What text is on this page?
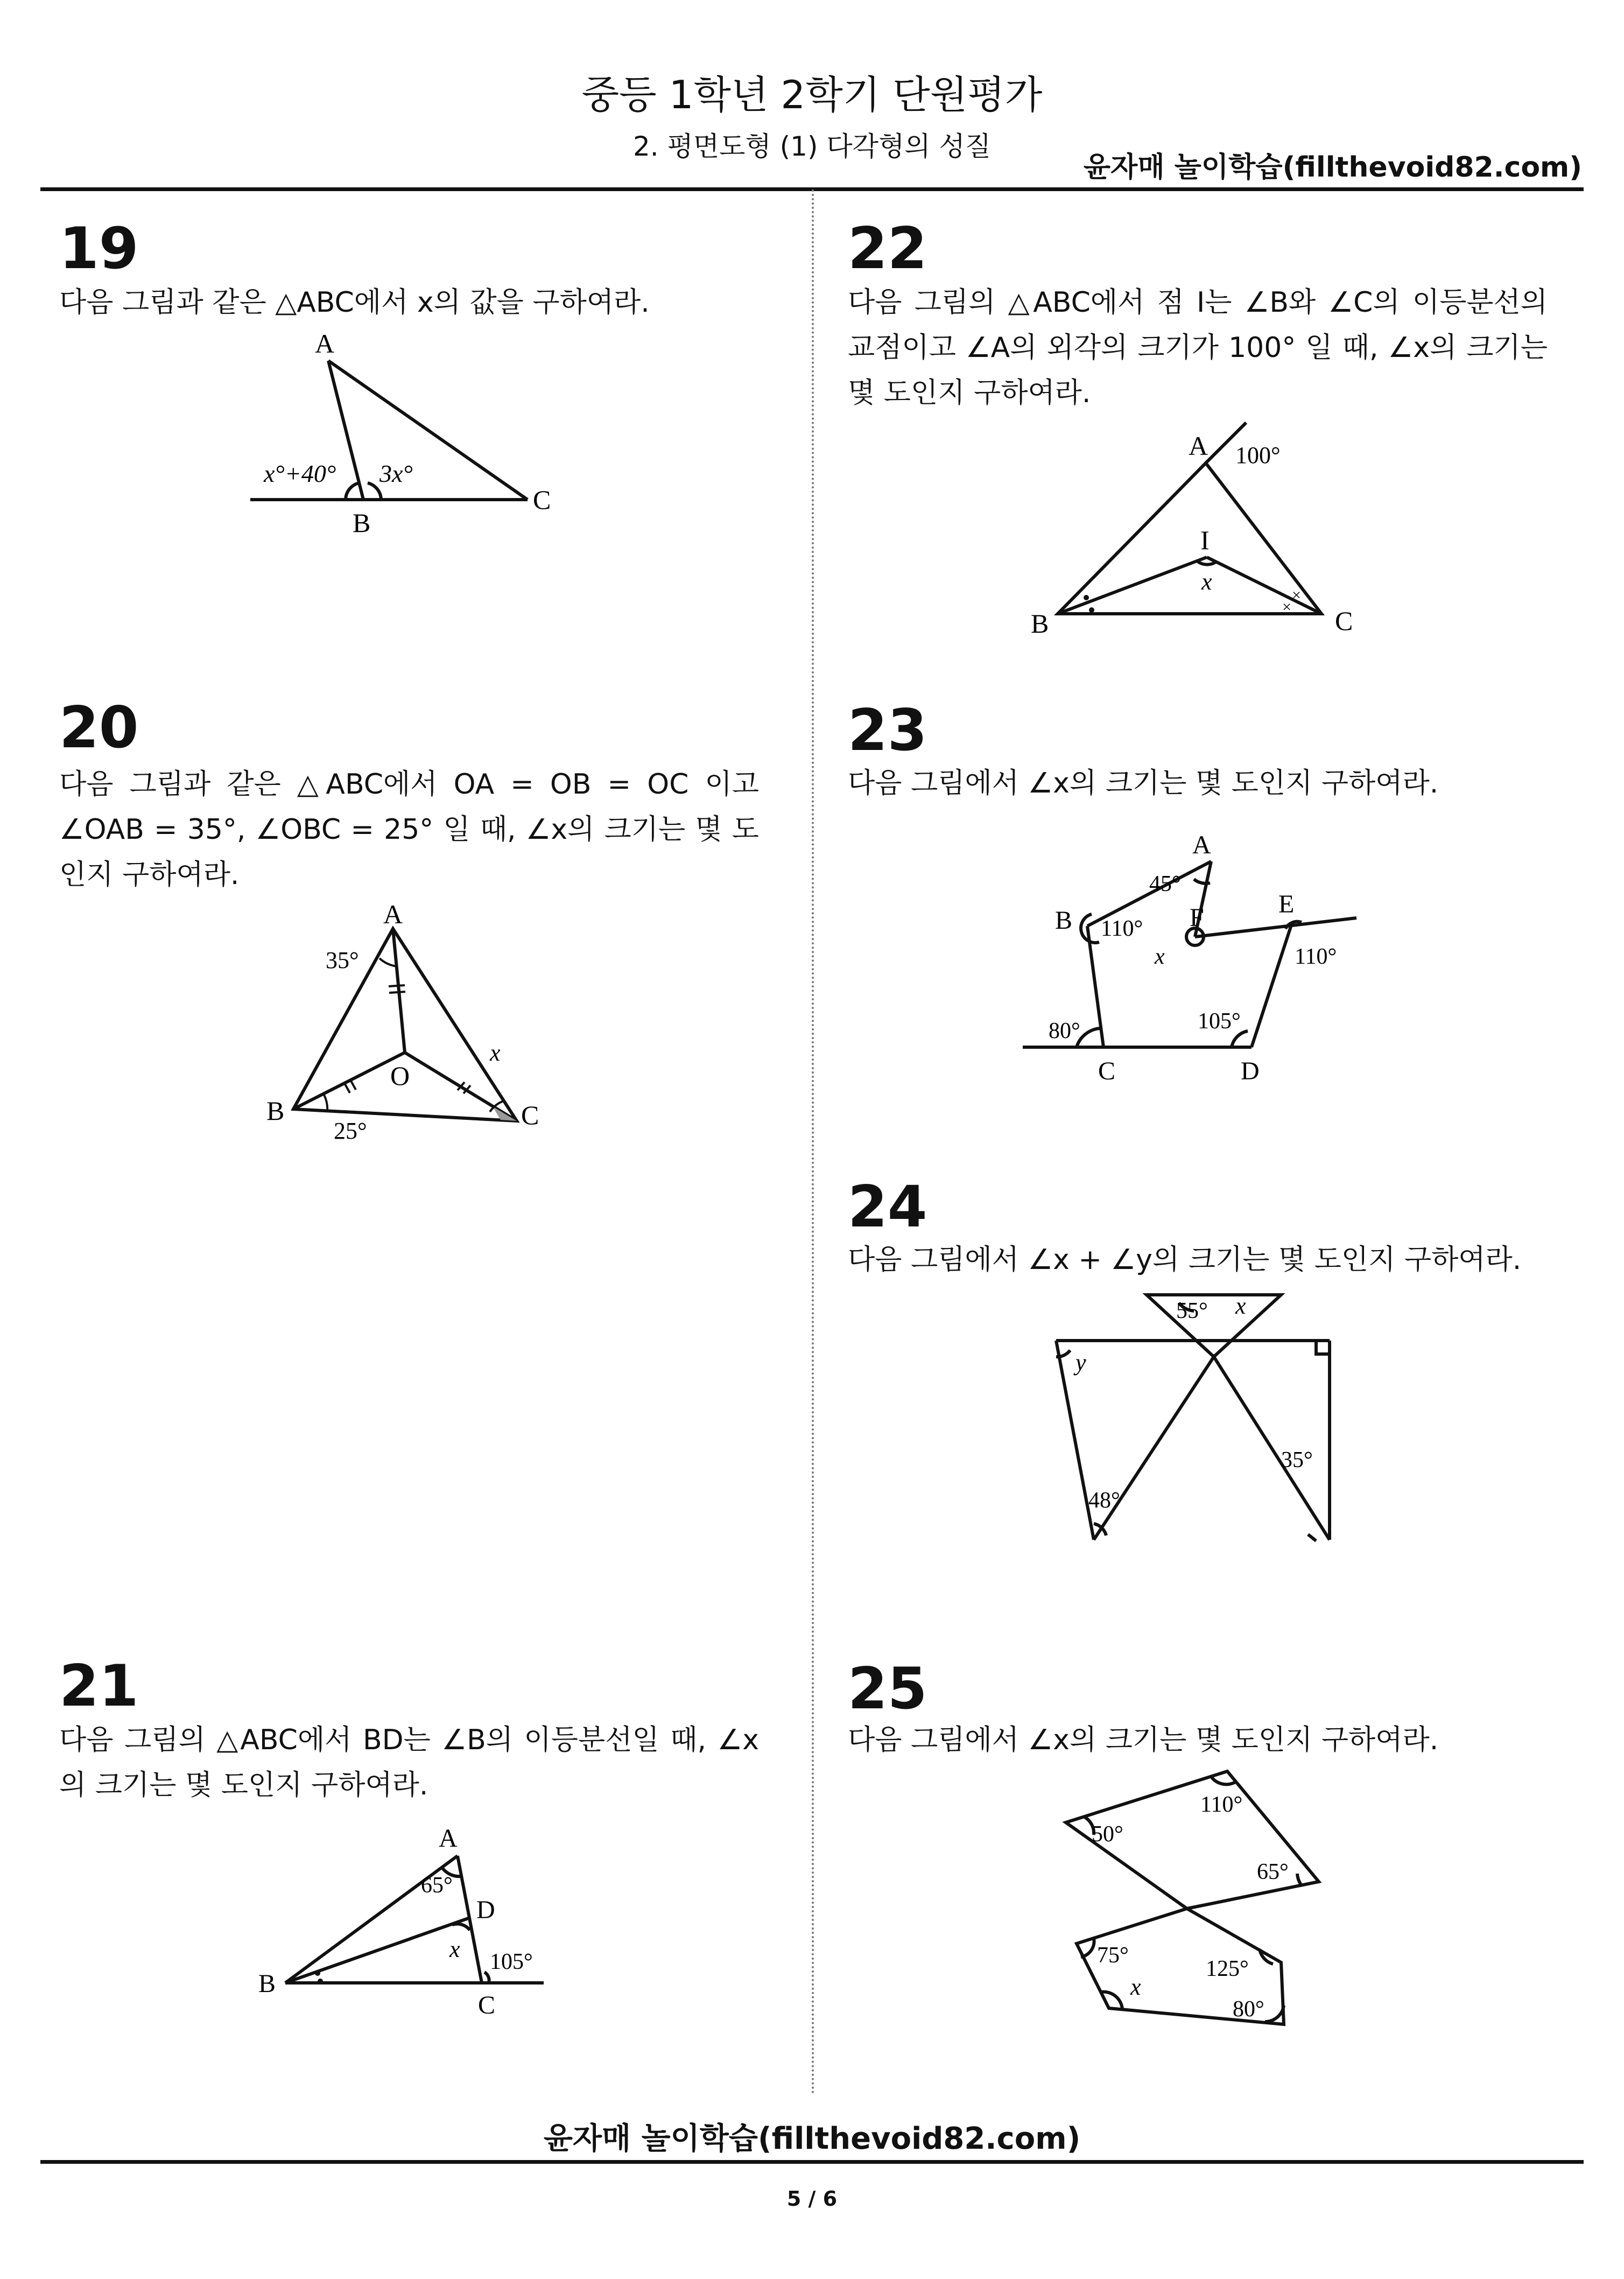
중등 1학년 2학기 단원평가
2. 평면도형 (1) 다각형의 성질
윤자매 놀이학습(fillthevoid82.com)
19
다음 그림과 같은 △ABC에서 x의 값을 구하여라.
A
B
C
x°+40° 3x°
20
다음 그림과 같은 △ABC에서 OA = OB = OC 이고 ∠OAB = 35°, ∠OBC = 25° 일 때, ∠x의 크기는 몇 도인지 구하여라.
A
B	C
O
35°
25°
x
21
다음 그림의 △ABC에서 BD는 ∠B의 이등분선일 때, ∠x의 크기는 몇 도인지 구하여라.
A
B
C
D
65°
105°
x
22
다음 그림의 △ABC에서 점 I는 ∠B와 ∠C의 이등분선의 교점이고 ∠A의 외각의 크기가 100° 일 때, ∠x의 크기는 몇 도인지 구하여라.
×
×
A
B	C
I
100°
x
23
다음 그림에서 ∠x의 크기는 몇 도인지 구하여라.
A
B
C	D
E
F
45°
110°
110°
105°
80°
x
24
다음 그림에서 ∠x + ∠y의 크기는 몇 도인지 구하여라.
55° x
y
48°
35°
25
다음 그림에서 ∠x의 크기는 몇 도인지 구하여라.
50°
110°
65°
75°
125°
80°
x
윤자매 놀이학습(fillthevoid82.com)
5 / 6
